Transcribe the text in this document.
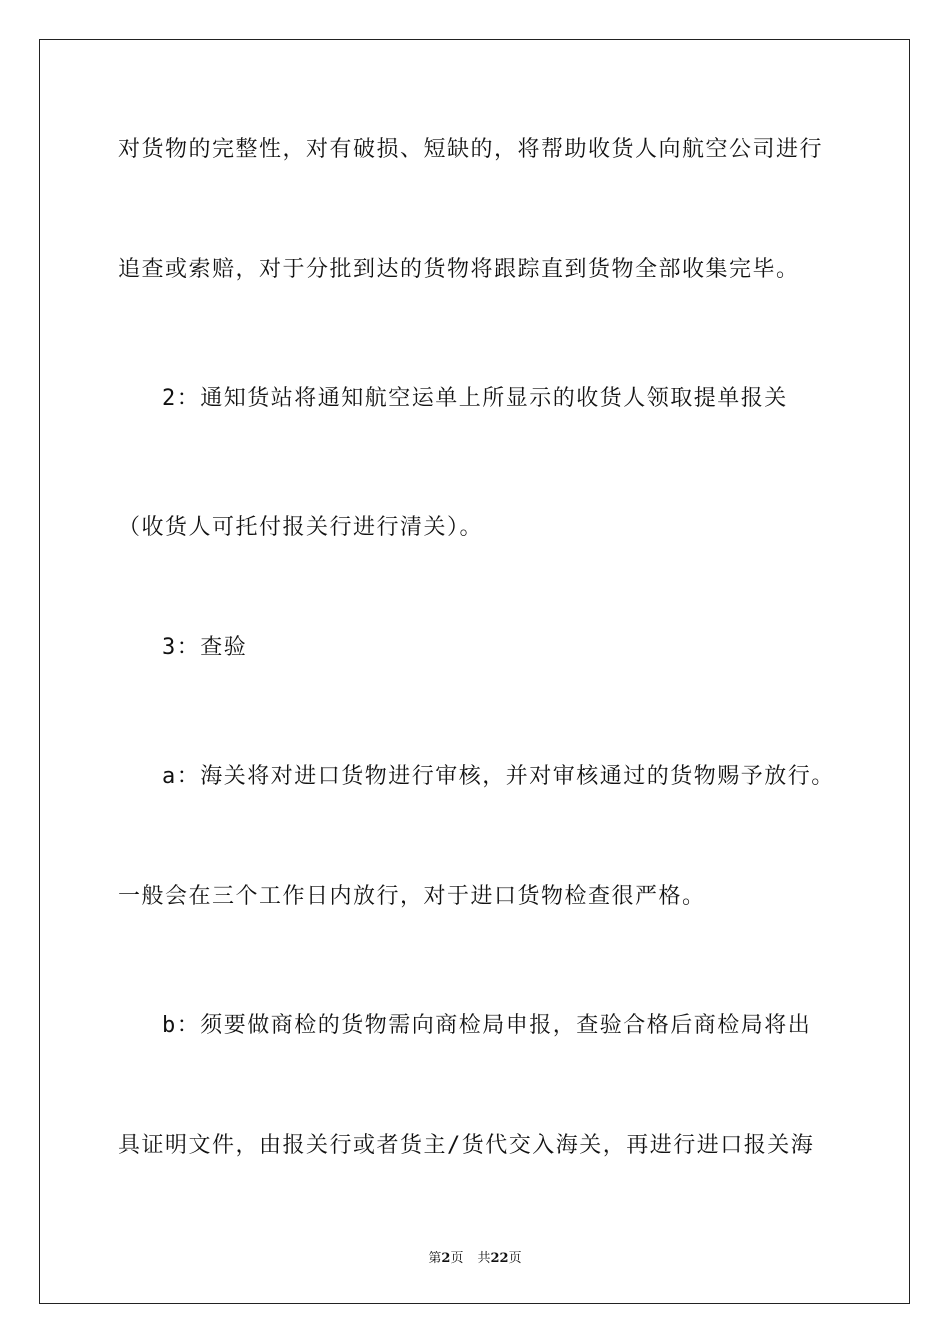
对货物的完整性，对有破损、短缺的，将帮助收货人向航空公司进行
追查或索赔，对于分批到达的货物将跟踪直到货物全部收集完毕。
2：通知货站将通知航空运单上所显示的收货人领取提单报关
（收货人可托付报关行进行清关）。
3：查验
a：海关将对进口货物进行审核，并对审核通过的货物赐予放行。
一般会在三个工作日内放行，对于进口货物检查很严格。
b：须要做商检的货物需向商检局申报，查验合格后商检局将出
具证明文件，由报关行或者货主/货代交入海关，再进行进口报关海
第2页 共22页
